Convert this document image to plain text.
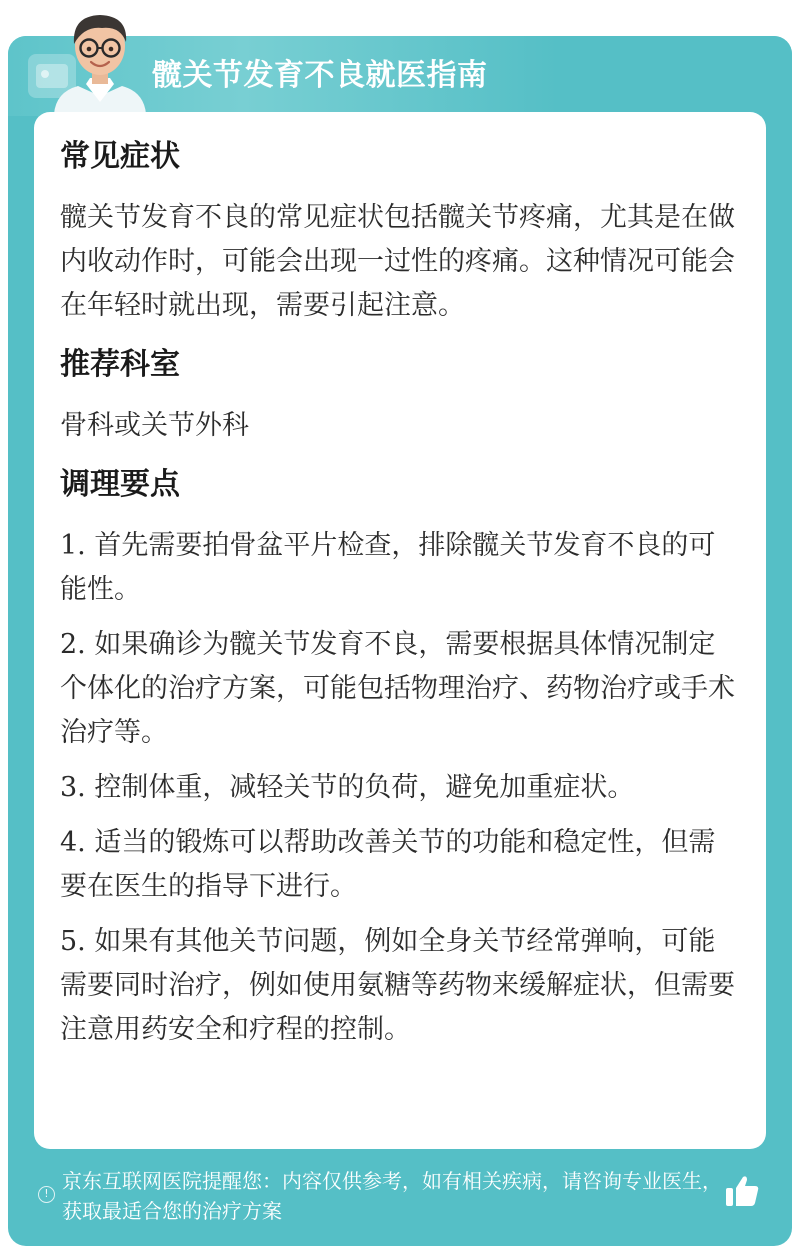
髋关节发育不良就医指南
常见症状
髋关节发育不良的常见症状包括髋关节疼痛，尤其是在做内收动作时，可能会出现一过性的疼痛。这种情况可能会在年轻时就出现，需要引起注意。
推荐科室
骨科或关节外科
调理要点
1. 首先需要拍骨盆平片检查，排除髋关节发育不良的可能性。
2. 如果确诊为髋关节发育不良，需要根据具体情况制定个体化的治疗方案，可能包括物理治疗、药物治疗或手术治疗等。
3. 控制体重，减轻关节的负荷，避免加重症状。
4. 适当的锻炼可以帮助改善关节的功能和稳定性，但需要在医生的指导下进行。
5. 如果有其他关节问题，例如全身关节经常弹响，可能需要同时治疗，例如使用氨糖等药物来缓解症状，但需要注意用药安全和疗程的控制。
!
京东互联网医院提醒您：内容仅供参考，如有相关疾病，请咨询专业医生，获取最适合您的治疗方案
